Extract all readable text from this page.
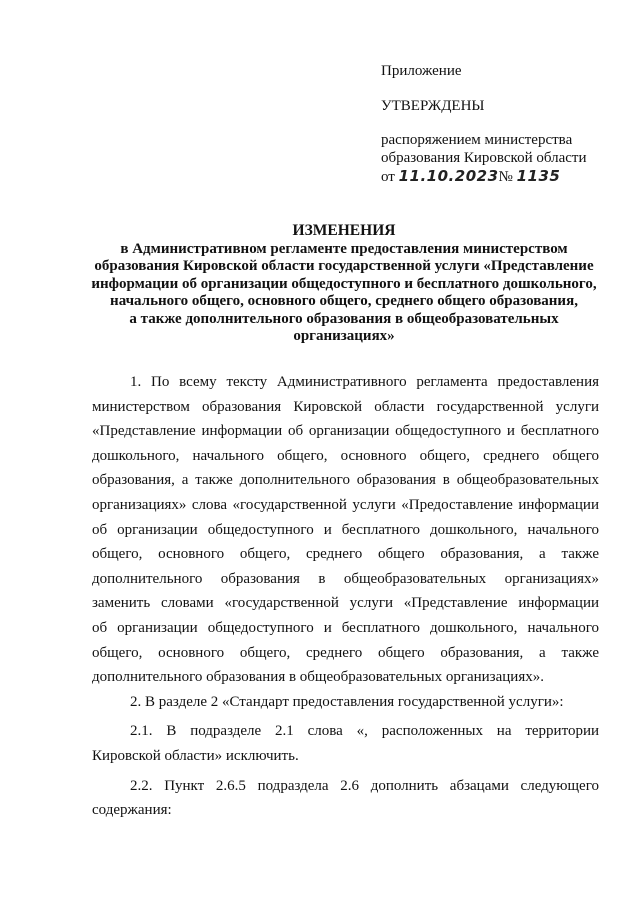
Приложение
УТВЕРЖДЕНЫ
распоряжением министерства
образования Кировской области
от 11.10.2023№ 1135
ИЗМЕНЕНИЯ
в Административном регламенте предоставления министерством
образования Кировской области государственной услуги «Представление
информации об организации общедоступного и бесплатного дошкольного,
начального общего, основного общего, среднего общего образования,
а также дополнительного образования в общеобразовательных
организациях»
1. По всему тексту Административного регламента предоставления
министерством образования Кировской области государственной услуги
«Представление информации об организации общедоступного и бесплатного
дошкольного, начального общего, основного общего, среднего общего
образования, а также дополнительного образования в общеобразовательных
организациях» слова «государственной услуги «Предоставление информации
об организации общедоступного и бесплатного дошкольного, начального
общего, основного общего, среднего общего образования, а также
дополнительного образования в общеобразовательных организациях»
заменить словами «государственной услуги «Представление информации
об организации общедоступного и бесплатного дошкольного, начального
общего, основного общего, среднего общего образования, а также
дополнительного образования в общеобразовательных организациях».
2. В разделе 2 «Стандарт предоставления государственной услуги»:
2.1. В подразделе 2.1 слова «, расположенных на территории
Кировской области» исключить.
2.2. Пункт 2.6.5 подраздела 2.6 дополнить абзацами следующего
содержания:
